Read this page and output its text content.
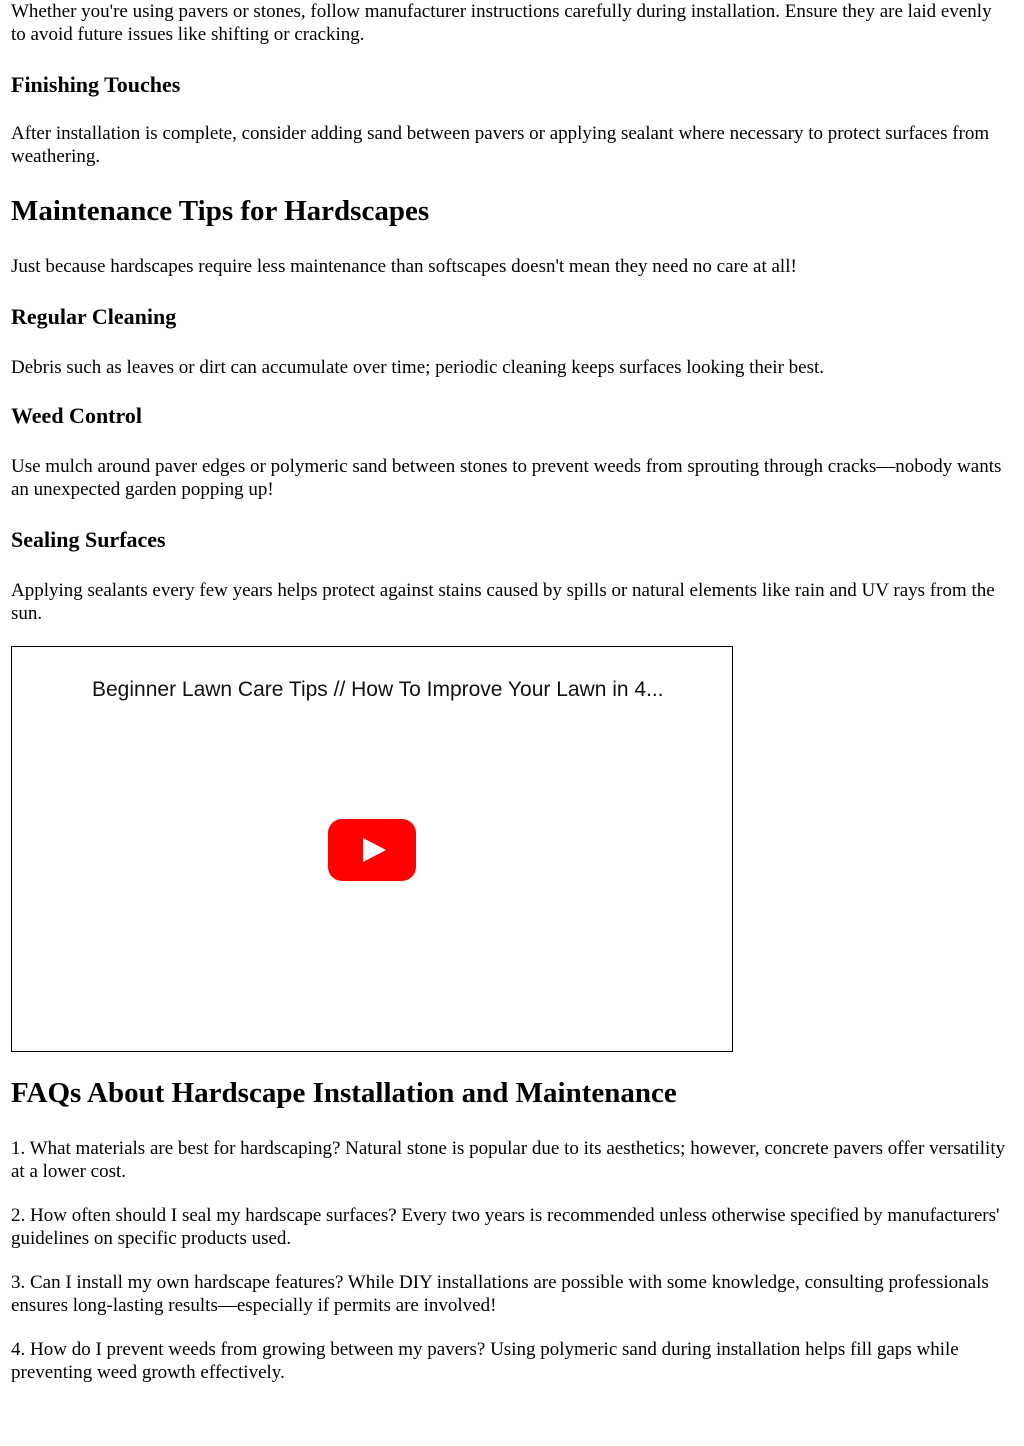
Whether you're using pavers or stones, follow manufacturer instructions carefully during installation. Ensure they are laid evenly to avoid future issues like shifting or cracking.

Finishing Touches

After installation is complete, consider adding sand between pavers or applying sealant where necessary to protect surfaces from weathering.

Maintenance Tips for Hardscapes

Just because hardscapes require less maintenance than softscapes doesn't mean they need no care at all!

Regular Cleaning

Debris such as leaves or dirt can accumulate over time; periodic cleaning keeps surfaces looking their best.

Weed Control

Use mulch around paver edges or polymeric sand between stones to prevent weeds from sprouting through cracks—nobody wants an unexpected garden popping up!

Sealing Surfaces

Applying sealants every few years helps protect against stains caused by spills or natural elements like rain and UV rays from the sun.

Beginner Lawn Care Tips // How To Improve Your Lawn in 4...
FAQs About Hardscape Installation and Maintenance

1. What materials are best for hardscaping? Natural stone is popular due to its aesthetics; however, concrete pavers offer versatility at a lower cost.

2. How often should I seal my hardscape surfaces? Every two years is recommended unless otherwise specified by manufacturers' guidelines on specific products used.

3. Can I install my own hardscape features? While DIY installations are possible with some knowledge, consulting professionals ensures long-lasting results—especially if permits are involved!

4. How do I prevent weeds from growing between my pavers? Using polymeric sand during installation helps fill gaps while preventing weed growth effectively.
